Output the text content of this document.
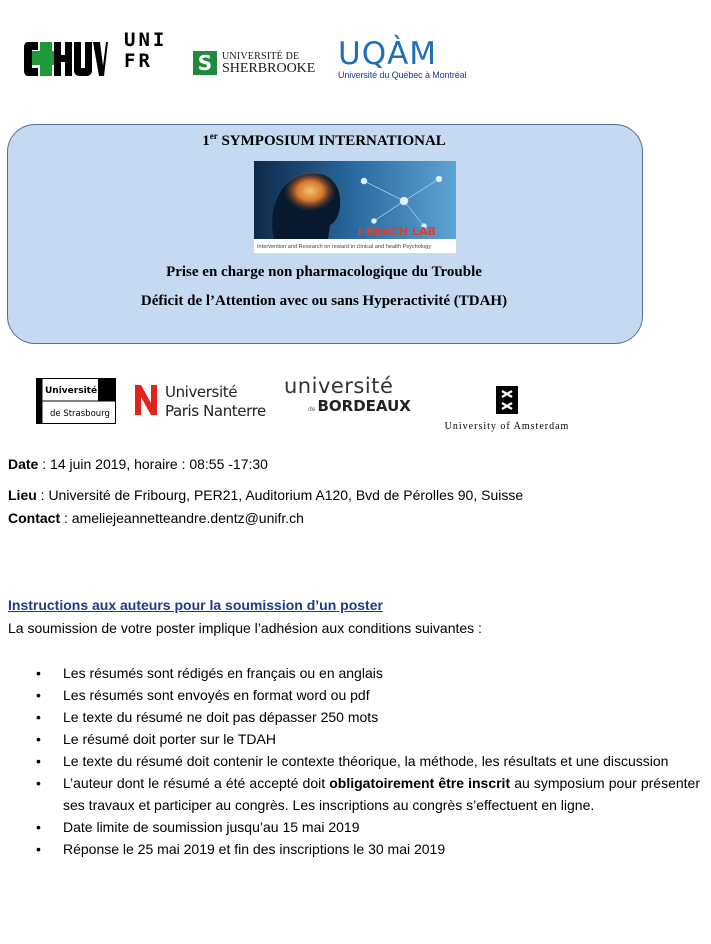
UNI
FR	S UNIVERSITÉ DE
SHERBROOKE UQÀM
Université du Québec à Montréal
1er SYMPOSIUM INTERNATIONAL
i-REACH LAB
Intervention and Research on reward in clinical and health Psychology
Prise en charge non pharmacologique du Trouble
Déficit de l’Attention avec ou sans Hyperactivité (TDAH)
Université
de Strasbourg
Université
Paris Nanterre
université
de BORDEAUX
University of Amsterdam
Date : 14 juin 2019, horaire : 08:55 -17:30
Lieu : Université de Fribourg, PER21, Auditorium A120, Bvd de Pérolles 90, Suisse
Contact : ameliejeannetteandre.dentz@unifr.ch
Instructions aux auteurs pour la soumission d’un poster
La soumission de votre poster implique l’adhésion aux conditions suivantes :
• Les résumés sont rédigés en français ou en anglais
• Les résumés sont envoyés en format word ou pdf
• Le texte du résumé ne doit pas dépasser 250 mots
• Le résumé doit porter sur le TDAH
• Le texte du résumé doit contenir le contexte théorique, la méthode, les résultats et une discussion
• L’auteur dont le résumé a été accepté doit obligatoirement être inscrit au symposium pour présenter ses travaux et participer au congrès. Les inscriptions au congrès s’effectuent en ligne.
• Date limite de soumission jusqu’au 15 mai 2019
• Réponse le 25 mai 2019 et fin des inscriptions le 30 mai 2019
